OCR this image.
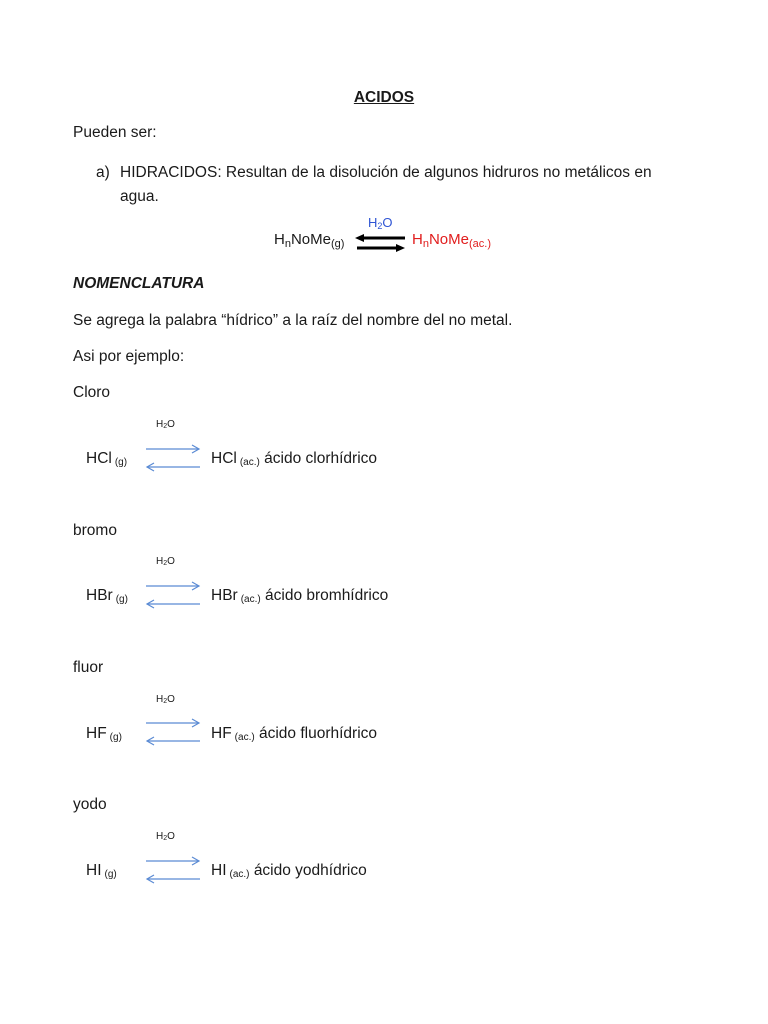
ACIDOS
Pueden ser:
a) HIDRACIDOS: Resultan de la disolución de algunos hidruros no metálicos en
agua.
$H_nNoMe_{(g)}$
H2O
⇌ $H_nNoMe_{(ac.)}$
NOMENCLATURA
Se agrega la palabra “hídrico” a la raíz del nombre del no metal.
Asi por ejemplo:
Cloro
H2O
HCl $_{(g)}$ ⇌ HCl $_{(ac.)}$ ácido clorhídrico
bromo
H2O
HBr $_{(g)}$ ⇌ HBr $_{(ac.)}$ ácido bromhídrico
fluor
H2O
HF $_{(g)}$ ⇌ HF $_{(ac.)}$ ácido fluorhídrico
yodo
H2O
HI $_{(g)}$ ⇌ HI $_{(ac.)}$ ácido yodhídrico
